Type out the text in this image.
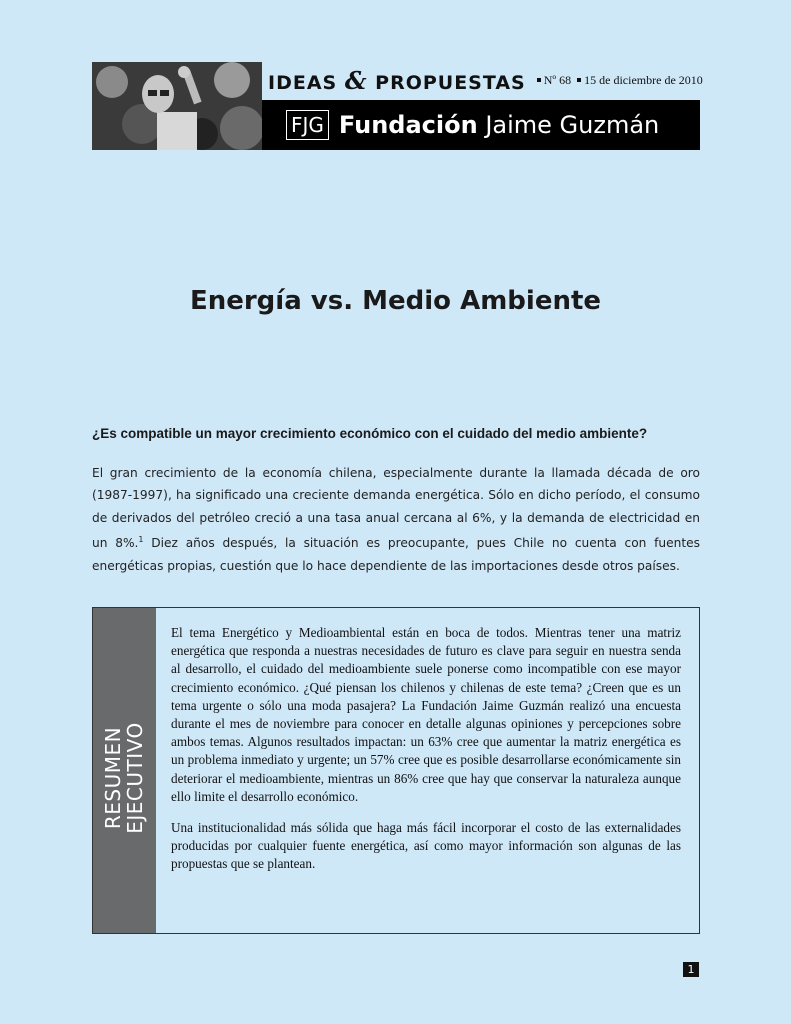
IDEAS & PROPUESTAS	Nº 68 15 de diciembre de 2010
FJG Fundación Jaime Guzmán
Energía vs. Medio Ambiente

¿Es compatible un mayor crecimiento económico con el cuidado del medio ambiente?

El gran crecimiento de la economía chilena, especialmente durante la llamada década de oro (1987-1997), ha significado una creciente demanda energética. Sólo en dicho período, el consumo de derivados del petróleo creció a una tasa anual cercana al 6%, y la demanda de electricidad en un 8%.$^1$ Diez años después, la situación es preocupante, pues Chile no cuenta con fuentes energéticas propias, cuestión que lo hace dependiente de las importaciones desde otros países.

RESUMEN
EJECUTIVO

El tema Energético y Medioambiental están en boca de todos. Mientras tener una matriz energética que responda a nuestras necesidades de futuro es clave para seguir en nuestra senda al desarrollo, el cuidado del medioambiente suele ponerse como incompatible con ese mayor crecimiento económico. ¿Qué piensan los chilenos y chilenas de este tema? ¿Creen que es un tema urgente o sólo una moda pasajera? La Fundación Jaime Guzmán realizó una encuesta durante el mes de noviembre para conocer en detalle algunas opiniones y percepciones sobre ambos temas. Algunos resultados impactan: un 63% cree que aumentar la matriz energética es un problema inmediato y urgente; un 57% cree que es posible desarrollarse económicamente sin deteriorar el medioambiente, mientras un 86% cree que hay que conservar la naturaleza aunque ello limite el desarrollo económico.

Una institucionalidad más sólida que haga más fácil incorporar el costo de las externalidades producidas por cualquier fuente energética, así como mayor información son algunas de las propuestas que se plantean.

1
